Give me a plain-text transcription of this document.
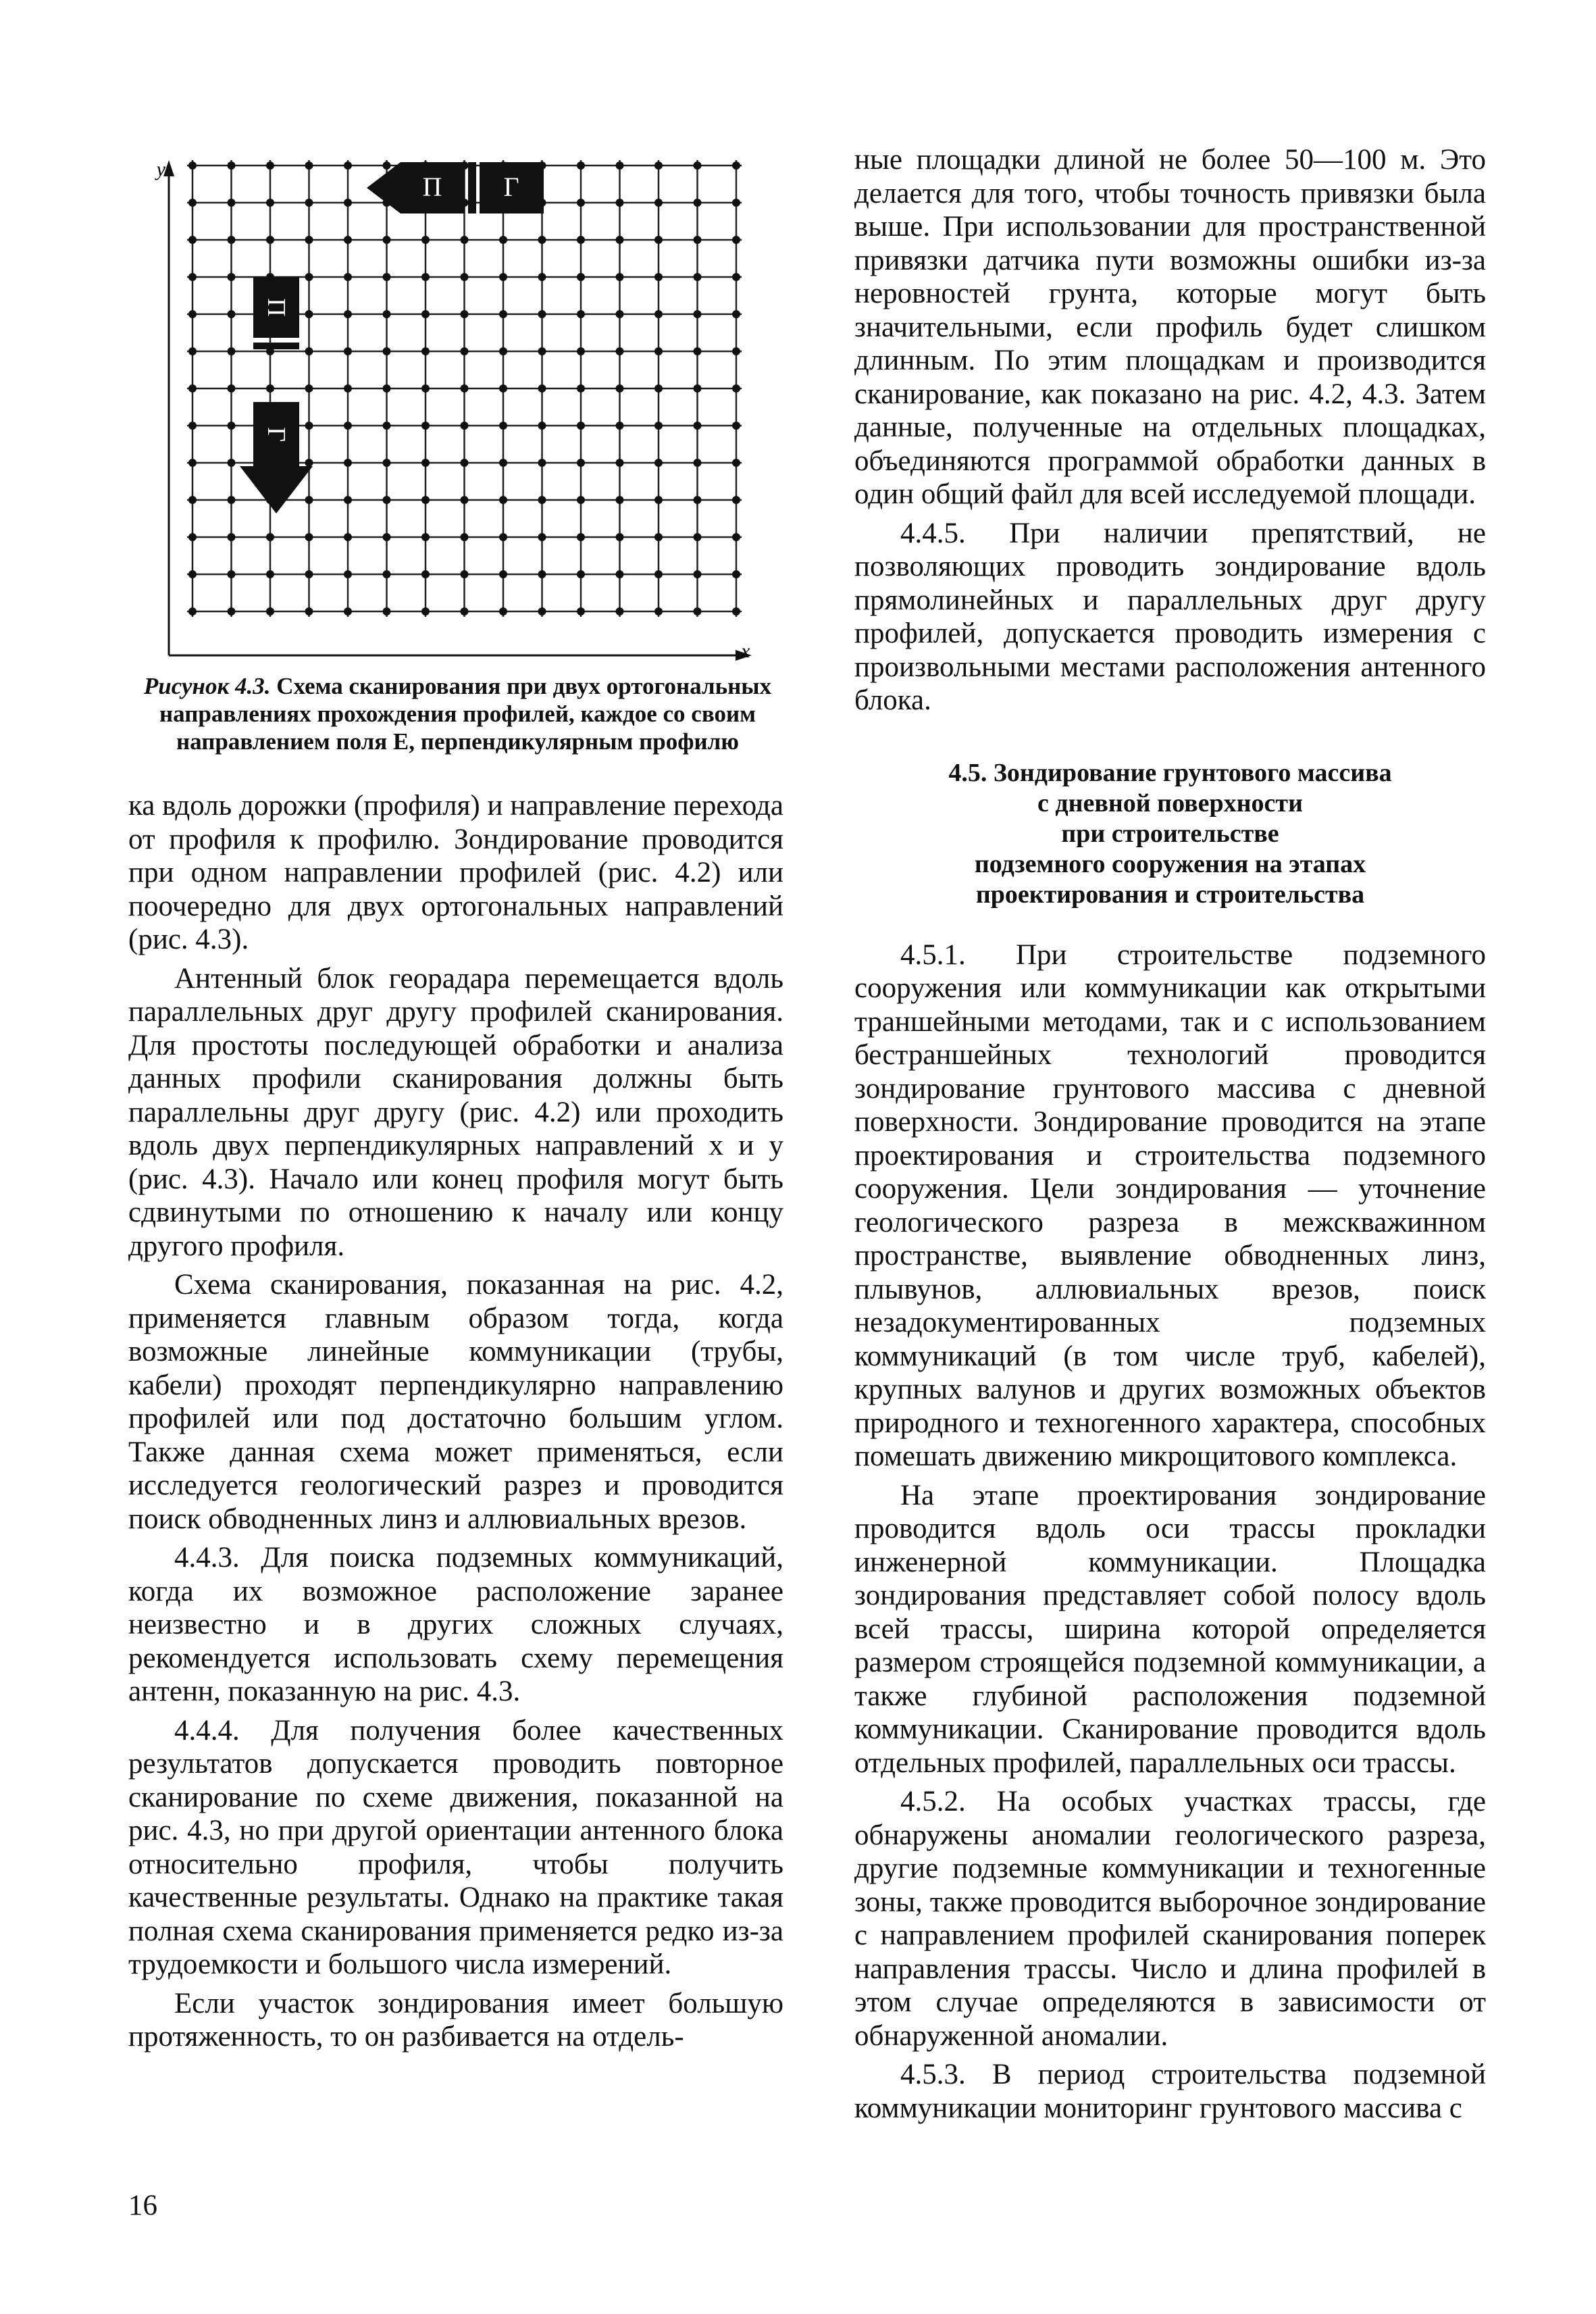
y
x
П Г
П
Г
Рисунок 4.3. Схема сканирования при двух ортогональных направлениях прохождения профилей, каждое со своим направлением поля E, перпендикулярным профилю

ка вдоль дорожки (профиля) и направление перехода от профиля к профилю. Зондирование проводится при одном направлении профилей (рис. 4.2) или поочередно для двух ортогональных направлений (рис. 4.3).

Антенный блок георадара перемещается вдоль параллельных друг другу профилей сканирования. Для простоты последующей обработки и анализа данных профили сканирования должны быть параллельны друг другу (рис. 4.2) или проходить вдоль двух перпендикулярных направлений x и y (рис. 4.3). Начало или конец профиля могут быть сдвинутыми по отношению к началу или концу другого профиля.

Схема сканирования, показанная на рис. 4.2, применяется главным образом тогда, когда возможные линейные коммуникации (трубы, кабели) проходят перпендикулярно направлению профилей или под достаточно большим углом. Также данная схема может применяться, если исследуется геологический разрез и проводится поиск обводненных линз и аллювиальных врезов.

4.4.3. Для поиска подземных коммуникаций, когда их возможное расположение заранее неизвестно и в других сложных случаях, рекомендуется использовать схему перемещения антенн, показанную на рис. 4.3.

4.4.4. Для получения более качественных результатов допускается проводить повторное сканирование по схеме движения, показанной на рис. 4.3, но при другой ориентации антенного блока относительно профиля, чтобы получить качественные результаты. Однако на практике такая полная схема сканирования применяется редко из-за трудоемкости и большого числа измерений.

Если участок зондирования имеет большую протяженность, то он разбивается на отдель-

ные площадки длиной не более 50—100 м. Это делается для того, чтобы точность привязки была выше. При использовании для пространственной привязки датчика пути возможны ошибки из-за неровностей грунта, которые могут быть значительными, если профиль будет слишком длинным. По этим площадкам и производится сканирование, как показано на рис. 4.2, 4.3. Затем данные, полученные на отдельных площадках, объединяются программой обработки данных в один общий файл для всей исследуемой площади.

4.4.5. При наличии препятствий, не позволяющих проводить зондирование вдоль прямолинейных и параллельных друг другу профилей, допускается проводить измерения с произвольными местами расположения антенного блока.

4.5. Зондирование грунтового массива
с дневной поверхности
при строительстве
подземного сооружения на этапах
проектирования и строительства

4.5.1. При строительстве подземного сооружения или коммуникации как открытыми траншейными методами, так и с использованием бестраншейных технологий проводится зондирование грунтового массива с дневной поверхности. Зондирование проводится на этапе проектирования и строительства подземного сооружения. Цели зондирования — уточнение геологического разреза в межскважинном пространстве, выявление обводненных линз, плывунов, аллювиальных врезов, поиск незадокументированных подземных коммуникаций (в том числе труб, кабелей), крупных валунов и других возможных объектов природного и техногенного характера, способных помешать движению микрощитового комплекса.

На этапе проектирования зондирование проводится вдоль оси трассы прокладки инженерной коммуникации. Площадка зондирования представляет собой полосу вдоль всей трассы, ширина которой определяется размером строящейся подземной коммуникации, а также глубиной расположения подземной коммуникации. Сканирование проводится вдоль отдельных профилей, параллельных оси трассы.

4.5.2. На особых участках трассы, где обнаружены аномалии геологического разреза, другие подземные коммуникации и техногенные зоны, также проводится выборочное зондирование с направлением профилей сканирования поперек направления трассы. Число и длина профилей в этом случае определяются в зависимости от обнаруженной аномалии.

4.5.3. В период строительства подземной коммуникации мониторинг грунтового массива с

16
